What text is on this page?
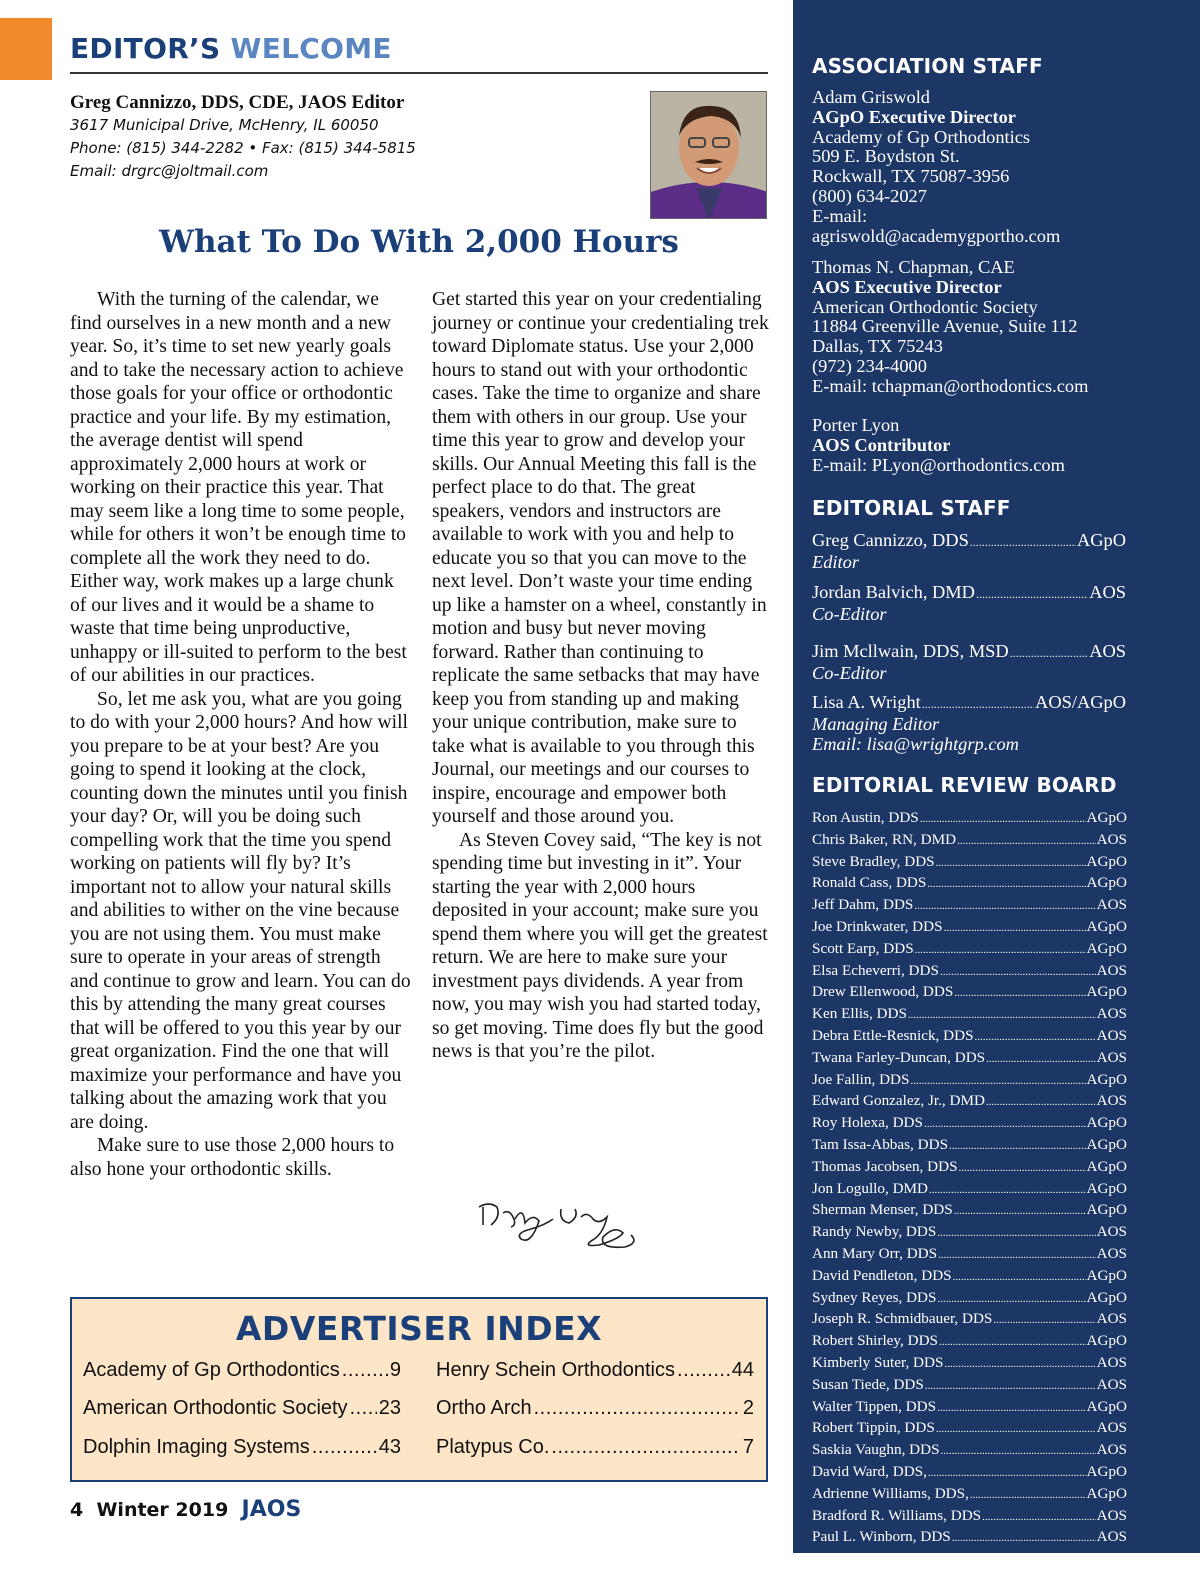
EDITOR’S WELCOME
Greg Cannizzo, DDS, CDE, JAOS Editor
3617 Municipal Drive, McHenry, IL 60050
Phone: (815) 344-2282 • Fax: (815) 344-5815
Email: drgrc@joltmail.com
What To Do With 2,000 Hours

With the turning of the calendar, we find ourselves in a new month and a new year. So, it’s time to set new yearly goals and to take the necessary action to achieve those goals for your office or orthodontic practice and your life. By my estimation, the average dentist will spend approximately 2,000 hours at work or working on their practice this year. That may seem like a long time to some people, while for others it won’t be enough time to complete all the work they need to do. Either way, work makes up a large chunk of our lives and it would be a shame to waste that time being unproductive, unhappy or ill-suited to perform to the best of our abilities in our practices.

So, let me ask you, what are you going to do with your 2,000 hours? And how will you prepare to be at your best? Are you going to spend it looking at the clock, counting down the minutes until you finish your day? Or, will you be doing such compelling work that the time you spend working on patients will fly by? It’s important not to allow your natural skills and abilities to wither on the vine because you are not using them. You must make sure to operate in your areas of strength and continue to grow and learn. You can do this by attending the many great courses that will be offered to you this year by our great organization. Find the one that will maximize your performance and have you talking about the amazing work that you are doing.

Make sure to use those 2,000 hours to also hone your orthodontic skills.

Get started this year on your credentialing journey or continue your credentialing trek toward Diplomate status. Use your 2,000 hours to stand out with your orthodontic cases. Take the time to organize and share them with others in our group. Use your time this year to grow and develop your skills. Our Annual Meeting this fall is the perfect place to do that. The great speakers, vendors and instructors are available to work with you and help to educate you so that you can move to the next level. Don’t waste your time ending up like a hamster on a wheel, constantly in motion and busy but never moving forward. Rather than continuing to replicate the same setbacks that may have keep you from standing up and making your unique contribution, make sure to take what is available to you through this Journal, our meetings and our courses to inspire, encourage and empower both yourself and those around you.

As Steven Covey said, “The key is not spending time but investing in it”. Your starting the year with 2,000 hours deposited in your account; make sure you spend them where you will get the greatest return. We are here to make sure your investment pays dividends. A year from now, you may wish you had started today, so get moving. Time does fly but the good news is that you’re the pilot.

ADVERTISER INDEX
Academy of Gp Orthodontics .....	9
American Orthodontic Society ..... 23
Dolphin Imaging Systems .....	43
Henry Schein Orthodontics .....	44
Ortho Arch .....	2
Platypus Co. .....	7
4 Winter 2019 JAOS
ASSOCIATION STAFF
Adam Griswold
AGpO Executive Director
Academy of Gp Orthodontics
509 E. Boydston St.
Rockwall, TX 75087-3956
(800) 634-2027
E-mail:
agriswold@academygportho.com
Thomas N. Chapman, CAE
AOS Executive Director
American Orthodontic Society
11884 Greenville Avenue, Suite 112
Dallas, TX 75243
(972) 234-4000
E-mail: tchapman@orthodontics.com
Porter Lyon
AOS Contributor
E-mail: PLyon@orthodontics.com
EDITORIAL STAFF
Greg Cannizzo, DDS .....	AGpO
Editor
Jordan Balvich, DMD .....	AOS
Co-Editor
Jim Mcllwain, DDS, MSD .....	AOS
Co-Editor
Lisa A. Wright .....	AOS/AGpO
Managing Editor
Email: lisa@wrightgrp.com
EDITORIAL REVIEW BOARD
Ron Austin, DDS .....	AGpO
Chris Baker, RN, DMD .....	AOS
Steve Bradley, DDS .....	AGpO
Ronald Cass, DDS .....	AGpO
Jeff Dahm, DDS .....	AOS
Joe Drinkwater, DDS .....	AGpO
Scott Earp, DDS .....	AGpO
Elsa Echeverri, DDS .....	AOS
Drew Ellenwood, DDS .....	AGpO
Ken Ellis, DDS .....	AOS
Debra Ettle-Resnick, DDS .....	AOS
Twana Farley-Duncan, DDS .....	AOS
Joe Fallin, DDS .....	AGpO
Edward Gonzalez, Jr., DMD .....	AOS
Roy Holexa, DDS .....	AGpO
Tam Issa-Abbas, DDS .....	AGpO
Thomas Jacobsen, DDS .....	AGpO
Jon Logullo, DMD .....	AGpO
Sherman Menser, DDS .....	AGpO
Randy Newby, DDS .....	AOS
Ann Mary Orr, DDS .....	AOS
David Pendleton, DDS .....	AGpO
Sydney Reyes, DDS .....	AGpO
Joseph R. Schmidbauer, DDS .....	AOS
Robert Shirley, DDS .....	AGpO
Kimberly Suter, DDS .....	AOS
Susan Tiede, DDS .....	AOS
Walter Tippen, DDS .....	AGpO
Robert Tippin, DDS .....	AOS
Saskia Vaughn, DDS .....	AOS
David Ward, DDS, .....	AGpO
Adrienne Williams, DDS, .....	AGpO
Bradford R. Williams, DDS .....	AOS
Paul L. Winborn, DDS .....	AOS
William Wyatt, Sr., DDS .....	AOS
